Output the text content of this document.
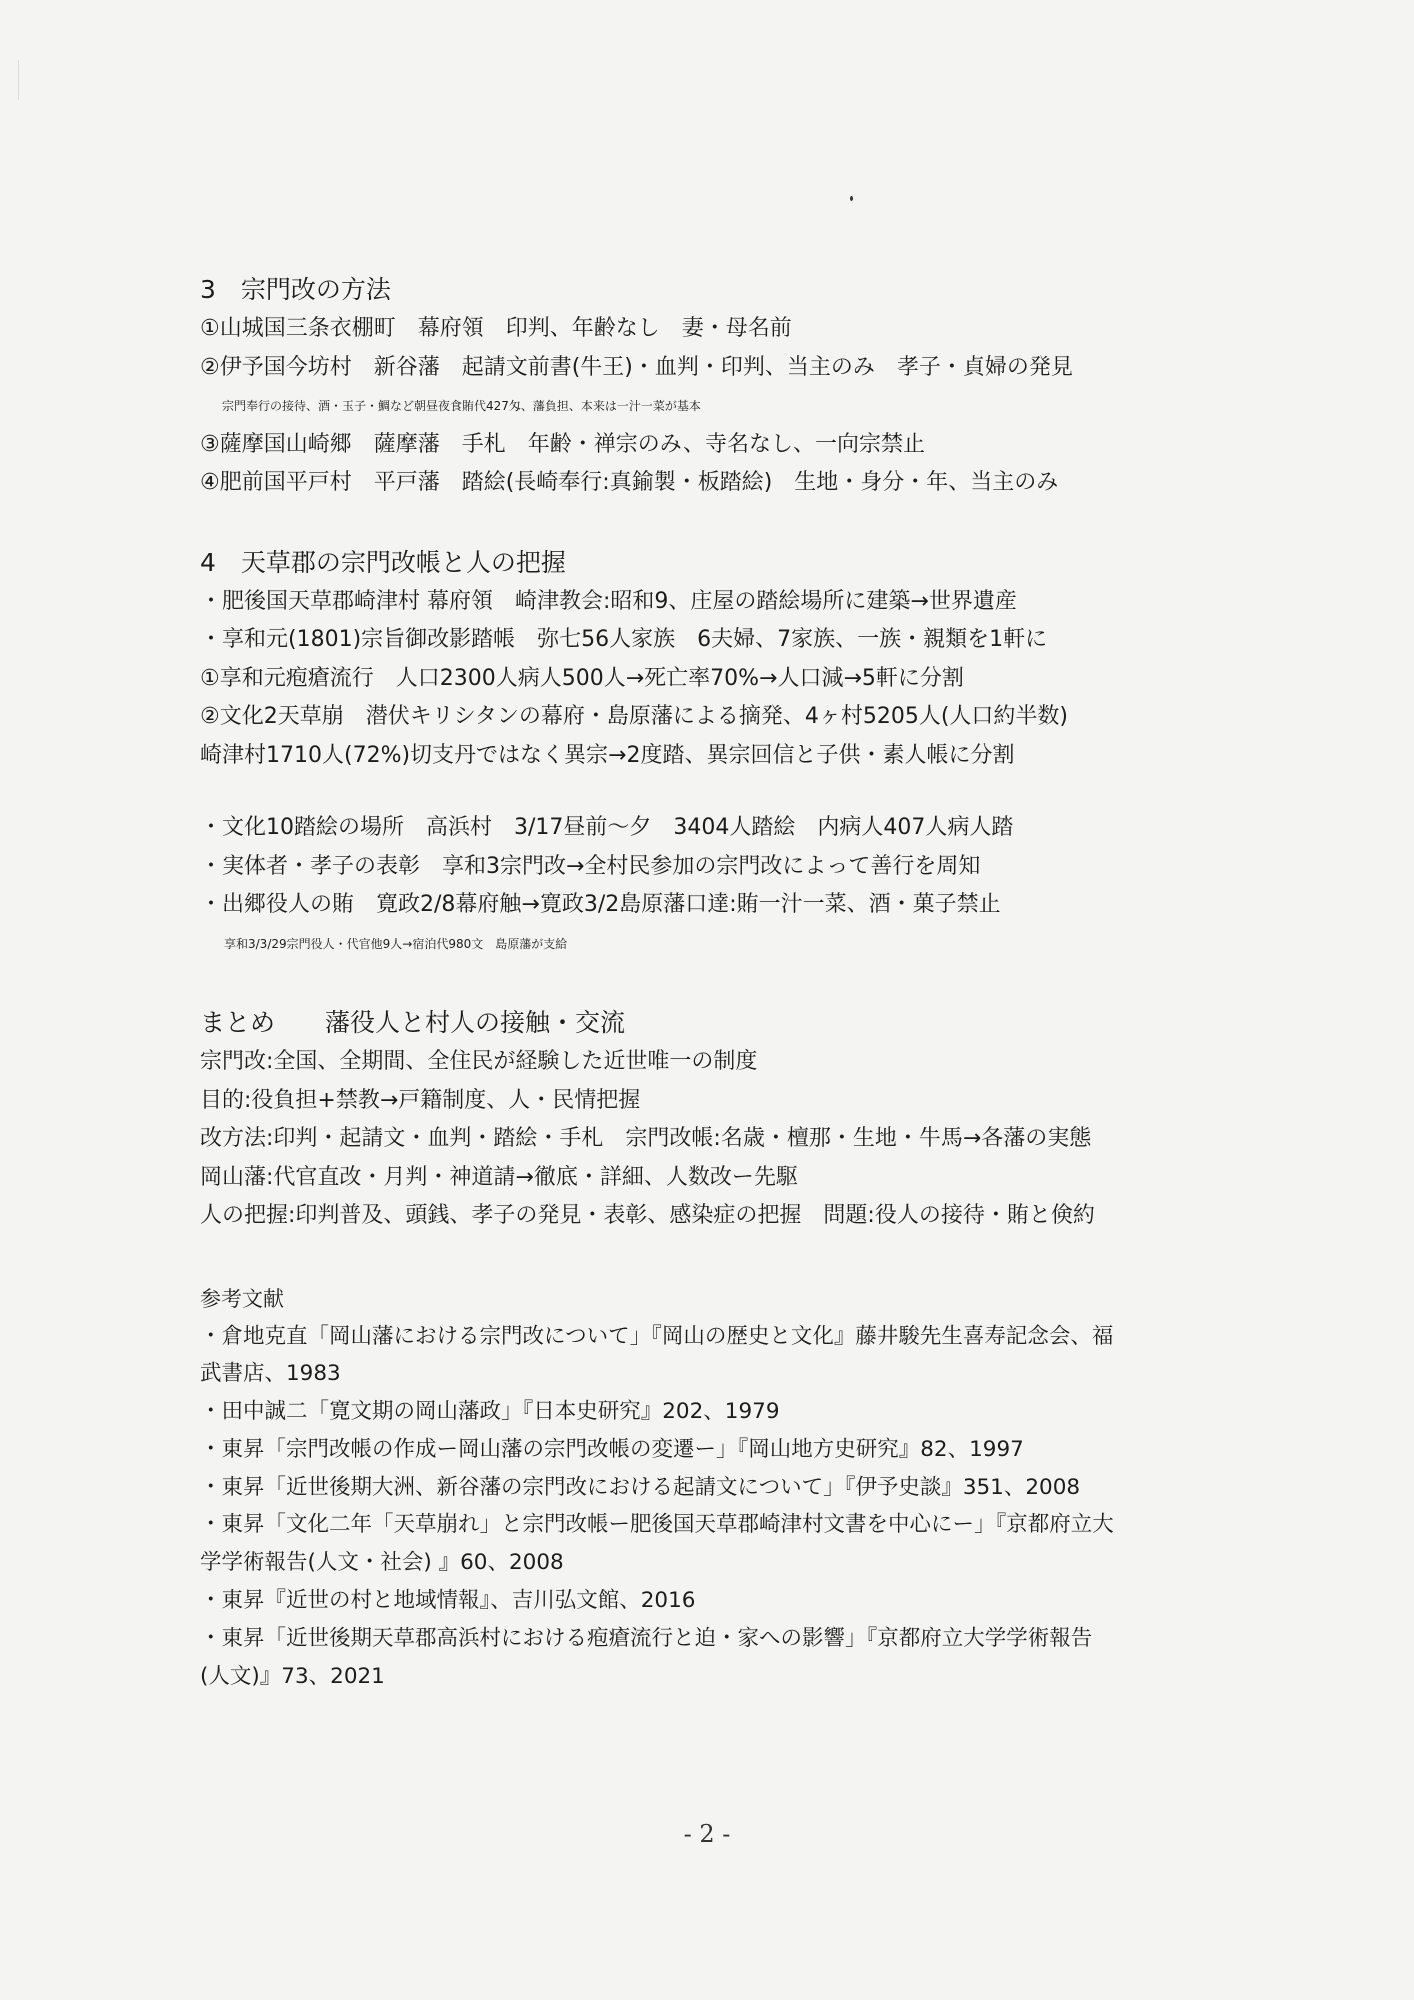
3　宗門改の方法

①山城国三条衣棚町　幕府領　印判、年齢なし　妻・母名前

②伊予国今坊村　新谷藩　起請文前書(牛王)・血判・印判、当主のみ　孝子・貞婦の発見

宗門奉行の接待、酒・玉子・鯛など朝昼夜食賄代427匁、藩負担、本来は一汁一菜が基本

③薩摩国山崎郷　薩摩藩　手札　年齢・禅宗のみ、寺名なし、一向宗禁止

④肥前国平戸村　平戸藩　踏絵(長崎奉行:真鍮製・板踏絵)　生地・身分・年、当主のみ

4　天草郡の宗門改帳と人の把握

・肥後国天草郡崎津村 幕府領　崎津教会:昭和9、庄屋の踏絵場所に建築→世界遺産

・享和元(1801)宗旨御改影踏帳　弥七56人家族　6夫婦、7家族、一族・親類を1軒に

①享和元疱瘡流行　人口2300人病人500人→死亡率70%→人口減→5軒に分割

②文化2天草崩　潜伏キリシタンの幕府・島原藩による摘発、4ヶ村5205人(人口約半数)

崎津村1710人(72%)切支丹ではなく異宗→2度踏、異宗回信と子供・素人帳に分割

・文化10踏絵の場所　高浜村　3/17昼前～夕　3404人踏絵　内病人407人病人踏

・実体者・孝子の表彰　享和3宗門改→全村民参加の宗門改によって善行を周知

・出郷役人の賄　寛政2/8幕府触→寛政3/2島原藩口達:賄一汁一菜、酒・菓子禁止

享和3/3/29宗門役人・代官他9人→宿泊代980文　島原藩が支給

まとめ　　藩役人と村人の接触・交流

宗門改:全国、全期間、全住民が経験した近世唯一の制度

目的:役負担+禁教→戸籍制度、人・民情把握

改方法:印判・起請文・血判・踏絵・手札　宗門改帳:名歳・檀那・生地・牛馬→各藩の実態

岡山藩:代官直改・月判・神道請→徹底・詳細、人数改ー先駆

人の把握:印判普及、頭銭、孝子の発見・表彰、感染症の把握　問題:役人の接待・賄と倹約

参考文献

・倉地克直「岡山藩における宗門改について」『岡山の歴史と文化』藤井駿先生喜寿記念会、福

武書店、1983

・田中誠二「寛文期の岡山藩政」『日本史研究』202、1979

・東昇「宗門改帳の作成ー岡山藩の宗門改帳の変遷ー」『岡山地方史研究』82、1997

・東昇「近世後期大洲、新谷藩の宗門改における起請文について」『伊予史談』351、2008

・東昇「文化二年「天草崩れ」と宗門改帳ー肥後国天草郡崎津村文書を中心にー」『京都府立大

学学術報告(人文・社会) 』60、2008

・東昇『近世の村と地域情報』、吉川弘文館、2016

・東昇「近世後期天草郡高浜村における疱瘡流行と迫・家への影響」『京都府立大学学術報告

(人文)』73、2021

- 2 -
